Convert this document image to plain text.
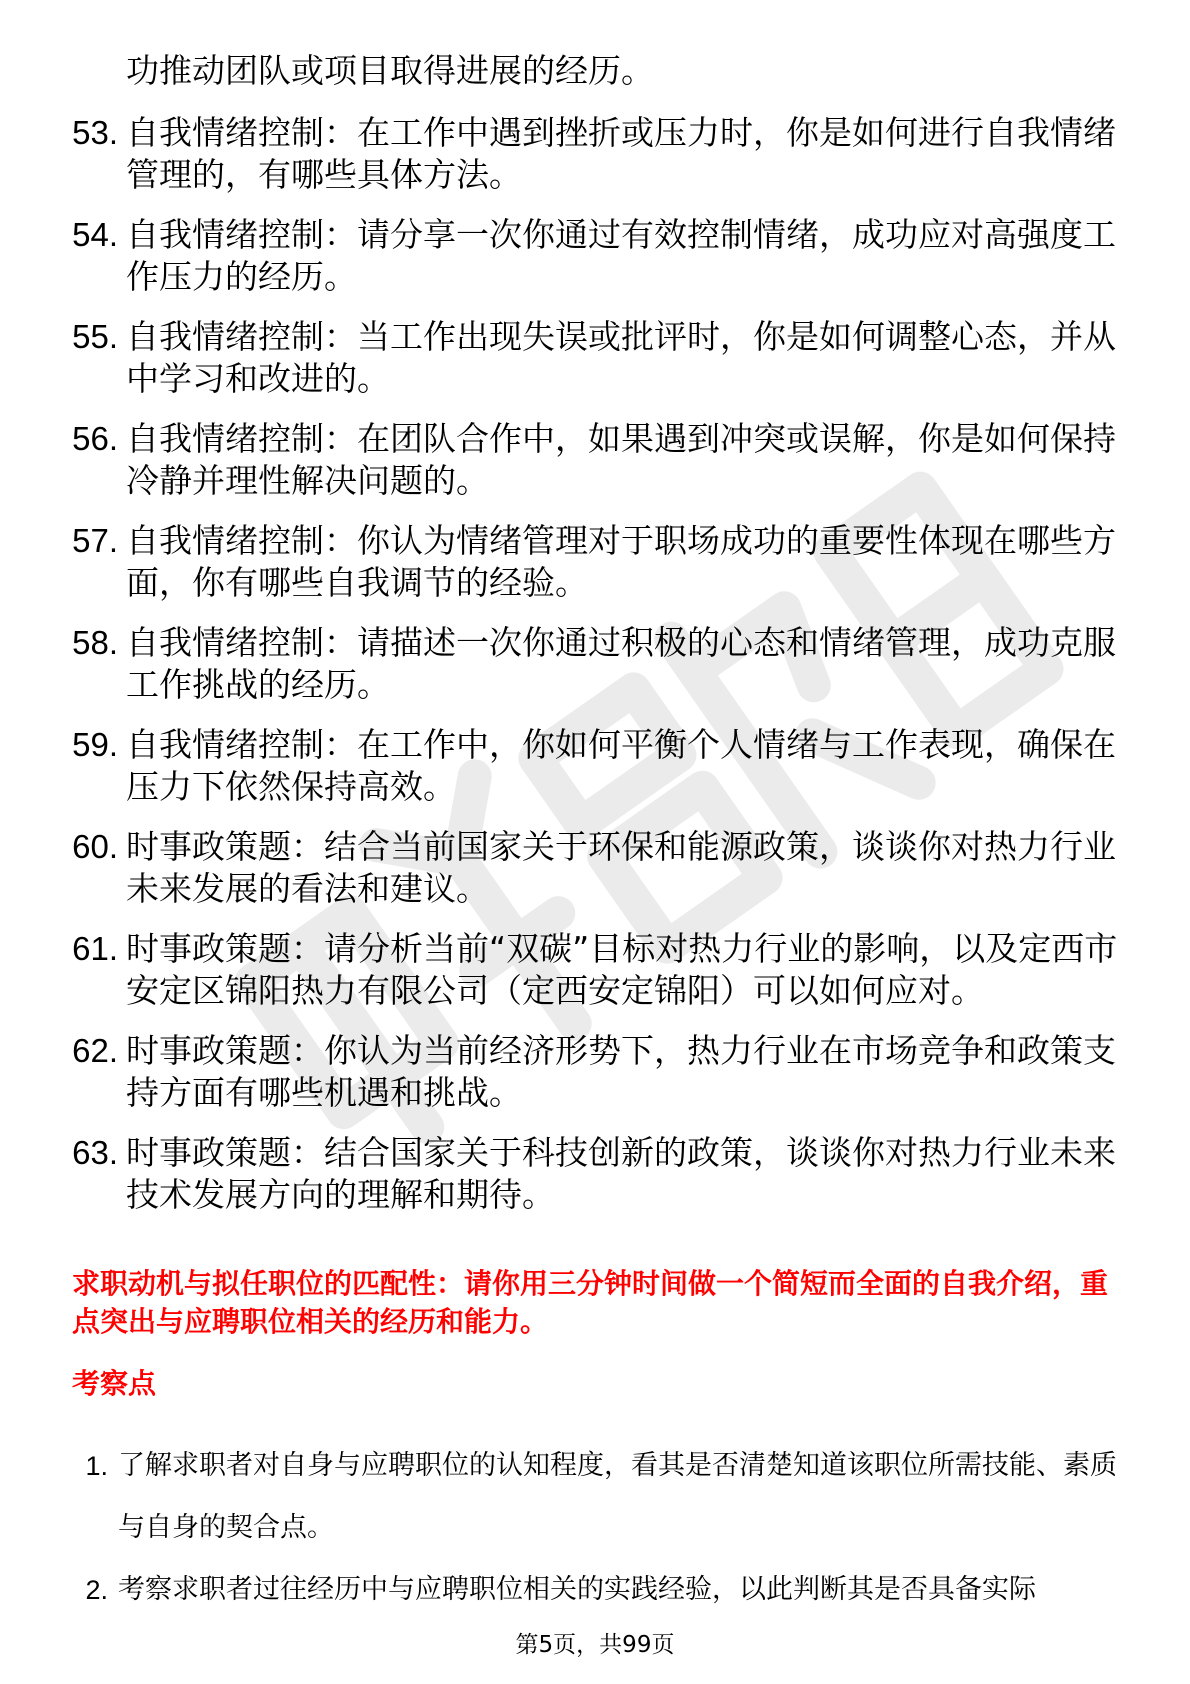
功推动团队或项目取得进展的经历。
53. 自我情绪控制：在工作中遇到挫折或压力时，你是如何进行自我情绪管理的，有哪些具体方法。
54. 自我情绪控制：请分享一次你通过有效控制情绪，成功应对高强度工作压力的经历。
55. 自我情绪控制：当工作出现失误或批评时，你是如何调整心态，并从中学习和改进的。
56. 自我情绪控制：在团队合作中，如果遇到冲突或误解，你是如何保持冷静并理性解决问题的。
57. 自我情绪控制：你认为情绪管理对于职场成功的重要性体现在哪些方面，你有哪些自我调节的经验。
58. 自我情绪控制：请描述一次你通过积极的心态和情绪管理，成功克服工作挑战的经历。
59. 自我情绪控制：在工作中，你如何平衡个人情绪与工作表现，确保在压力下依然保持高效。
60. 时事政策题：结合当前国家关于环保和能源政策，谈谈你对热力行业未来发展的看法和建议。
61. 时事政策题：请分析当前“双碳”目标对热力行业的影响，以及定西市安定区锦阳热力有限公司（定西安定锦阳）可以如何应对。
62. 时事政策题：你认为当前经济形势下，热力行业在市场竞争和政策支持方面有哪些机遇和挑战。
63. 时事政策题：结合国家关于科技创新的政策，谈谈你对热力行业未来技术发展方向的理解和期待。
求职动机与拟任职位的匹配性：请你用三分钟时间做一个简短而全面的自我介绍，重点突出与应聘职位相关的经历和能力。
考察点
1. 了解求职者对自身与应聘职位的认知程度，看其是否清楚知道该职位所需技能、素质与自身的契合点。
2. 考察求职者过往经历中与应聘职位相关的实践经验，以此判断其是否具备实际
第5页，共99页
